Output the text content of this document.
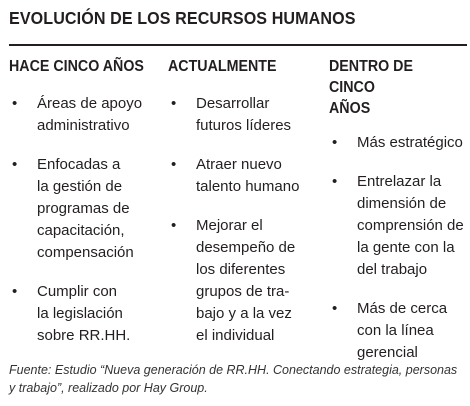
EVOLUCIÓN DE LOS RECURSOS HUMANOS
HACE CINCO AÑOS
• Áreas de apoyo
administrativo
• Enfocadas a
la gestión de
programas de
capacitación,
compensación
• Cumplir con
la legislación
sobre RR.HH.
ACTUALMENTE
• Desarrollar
futuros líderes
• Atraer nuevo
talento humano
• Mejorar el
desempeño de
los diferentes
grupos de tra-
bajo y a la vez
el individual
DENTRO DE CINCO
AÑOS
• Más estratégico
• Entrelazar la
dimensión de
comprensión de
la gente con la
del trabajo
• Más de cerca
con la línea
gerencial
Fuente: Estudio “Nueva generación de RR.HH. Conectando estrategia, personas y trabajo”, realizado por Hay Group.
